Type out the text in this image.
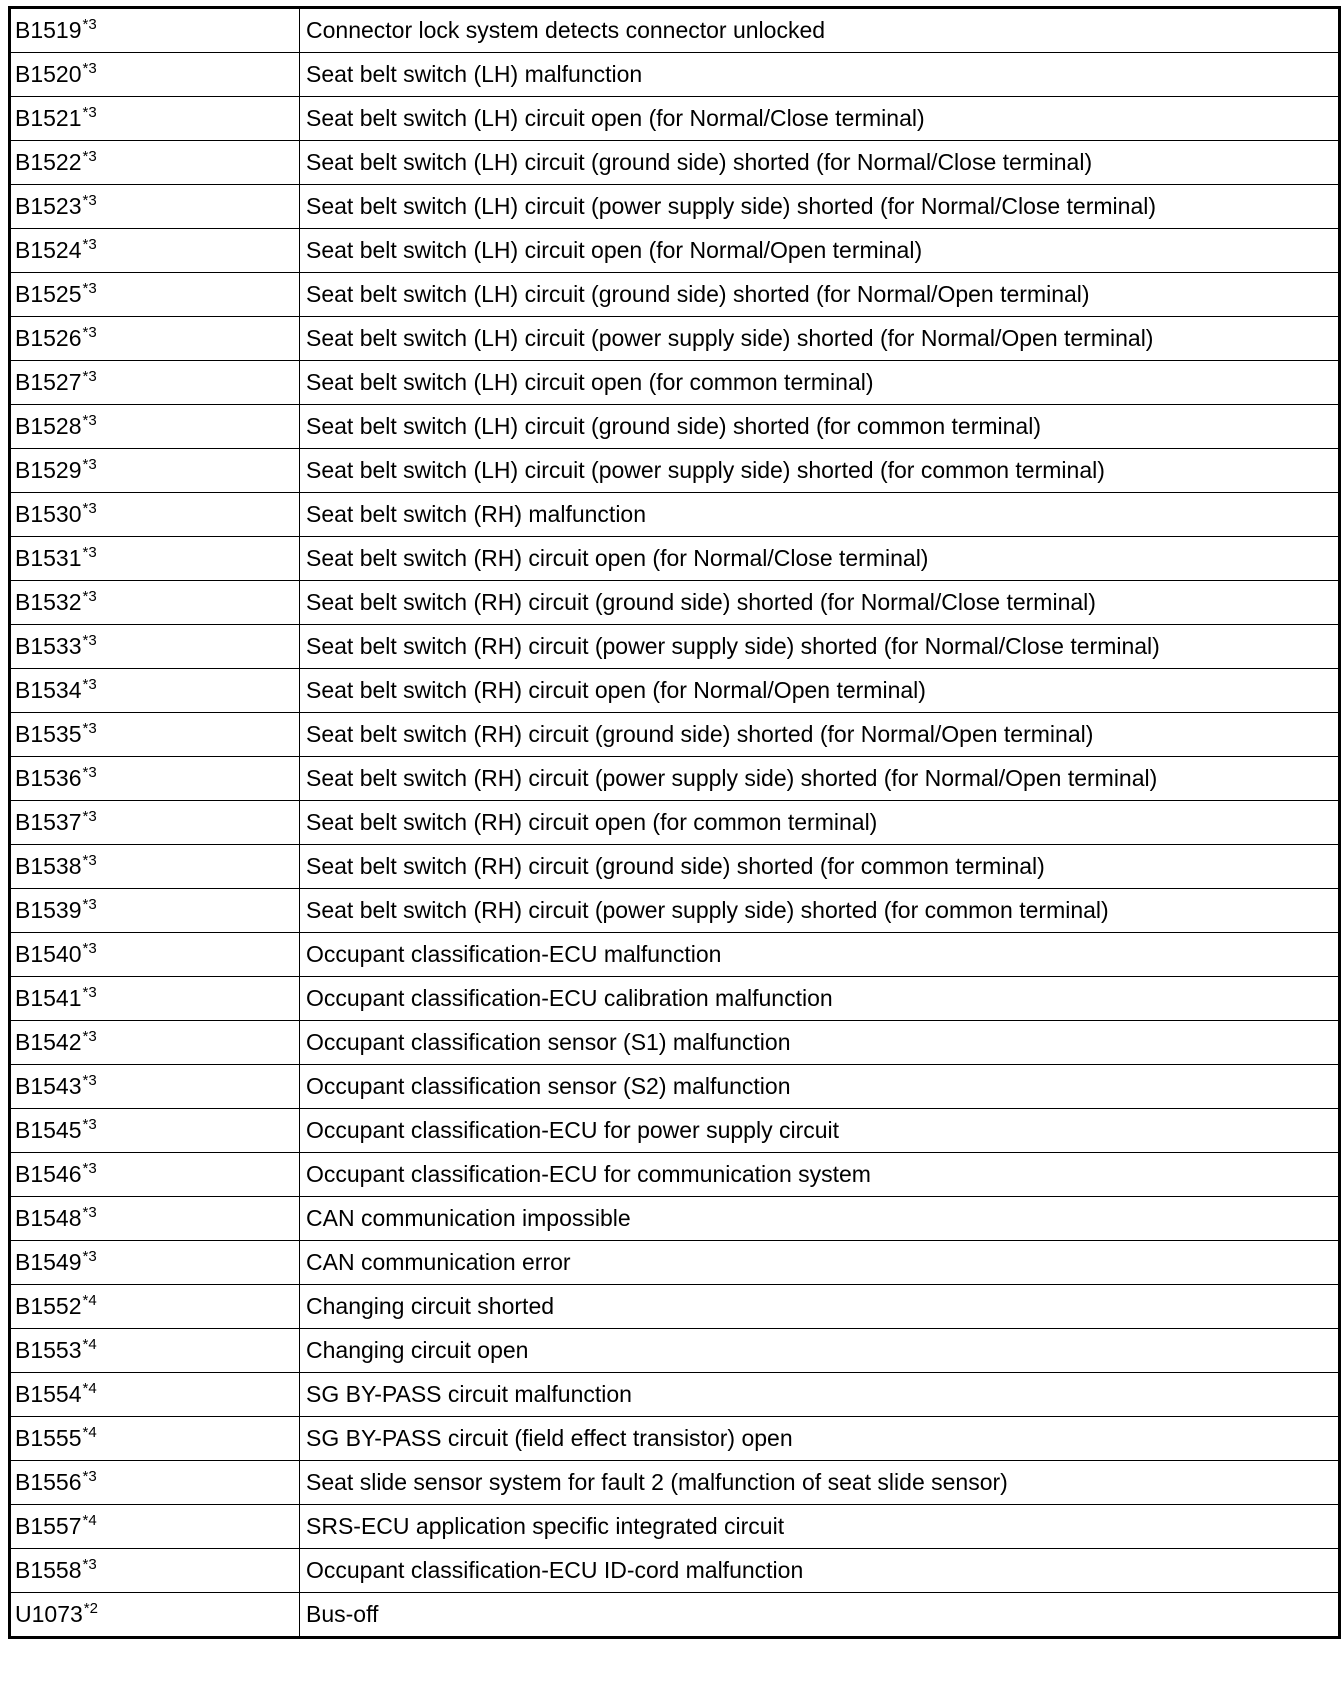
B1519$^{*3}$	Connector lock system detects connector unlocked
B1520$^{*3}$	Seat belt switch (LH) malfunction
B1521$^{*3}$	Seat belt switch (LH) circuit open (for Normal/Close terminal)
B1522$^{*3}$	Seat belt switch (LH) circuit (ground side) shorted (for Normal/Close terminal)
B1523$^{*3}$	Seat belt switch (LH) circuit (power supply side) shorted (for Normal/Close terminal)
B1524$^{*3}$	Seat belt switch (LH) circuit open (for Normal/Open terminal)
B1525$^{*3}$	Seat belt switch (LH) circuit (ground side) shorted (for Normal/Open terminal)
B1526$^{*3}$	Seat belt switch (LH) circuit (power supply side) shorted (for Normal/Open terminal)
B1527$^{*3}$	Seat belt switch (LH) circuit open (for common terminal)
B1528$^{*3}$	Seat belt switch (LH) circuit (ground side) shorted (for common terminal)
B1529$^{*3}$	Seat belt switch (LH) circuit (power supply side) shorted (for common terminal)
B1530$^{*3}$	Seat belt switch (RH) malfunction
B1531$^{*3}$	Seat belt switch (RH) circuit open (for Normal/Close terminal)
B1532$^{*3}$	Seat belt switch (RH) circuit (ground side) shorted (for Normal/Close terminal)
B1533$^{*3}$	Seat belt switch (RH) circuit (power supply side) shorted (for Normal/Close terminal)
B1534$^{*3}$	Seat belt switch (RH) circuit open (for Normal/Open terminal)
B1535$^{*3}$	Seat belt switch (RH) circuit (ground side) shorted (for Normal/Open terminal)
B1536$^{*3}$	Seat belt switch (RH) circuit (power supply side) shorted (for Normal/Open terminal)
B1537$^{*3}$	Seat belt switch (RH) circuit open (for common terminal)
B1538$^{*3}$	Seat belt switch (RH) circuit (ground side) shorted (for common terminal)
B1539$^{*3}$	Seat belt switch (RH) circuit (power supply side) shorted (for common terminal)
B1540$^{*3}$	Occupant classification-ECU malfunction
B1541$^{*3}$	Occupant classification-ECU calibration malfunction
B1542$^{*3}$	Occupant classification sensor (S1) malfunction
B1543$^{*3}$	Occupant classification sensor (S2) malfunction
B1545$^{*3}$	Occupant classification-ECU for power supply circuit
B1546$^{*3}$	Occupant classification-ECU for communication system
B1548$^{*3}$	CAN communication impossible
B1549$^{*3}$	CAN communication error
B1552$^{*4}$	Changing circuit shorted
B1553$^{*4}$	Changing circuit open
B1554$^{*4}$	SG BY-PASS circuit malfunction
B1555$^{*4}$	SG BY-PASS circuit (field effect transistor) open
B1556$^{*3}$	Seat slide sensor system for fault 2 (malfunction of seat slide sensor)
B1557$^{*4}$	SRS-ECU application specific integrated circuit
B1558$^{*3}$	Occupant classification-ECU ID-cord malfunction
U1073$^{*2}$	Bus-off
